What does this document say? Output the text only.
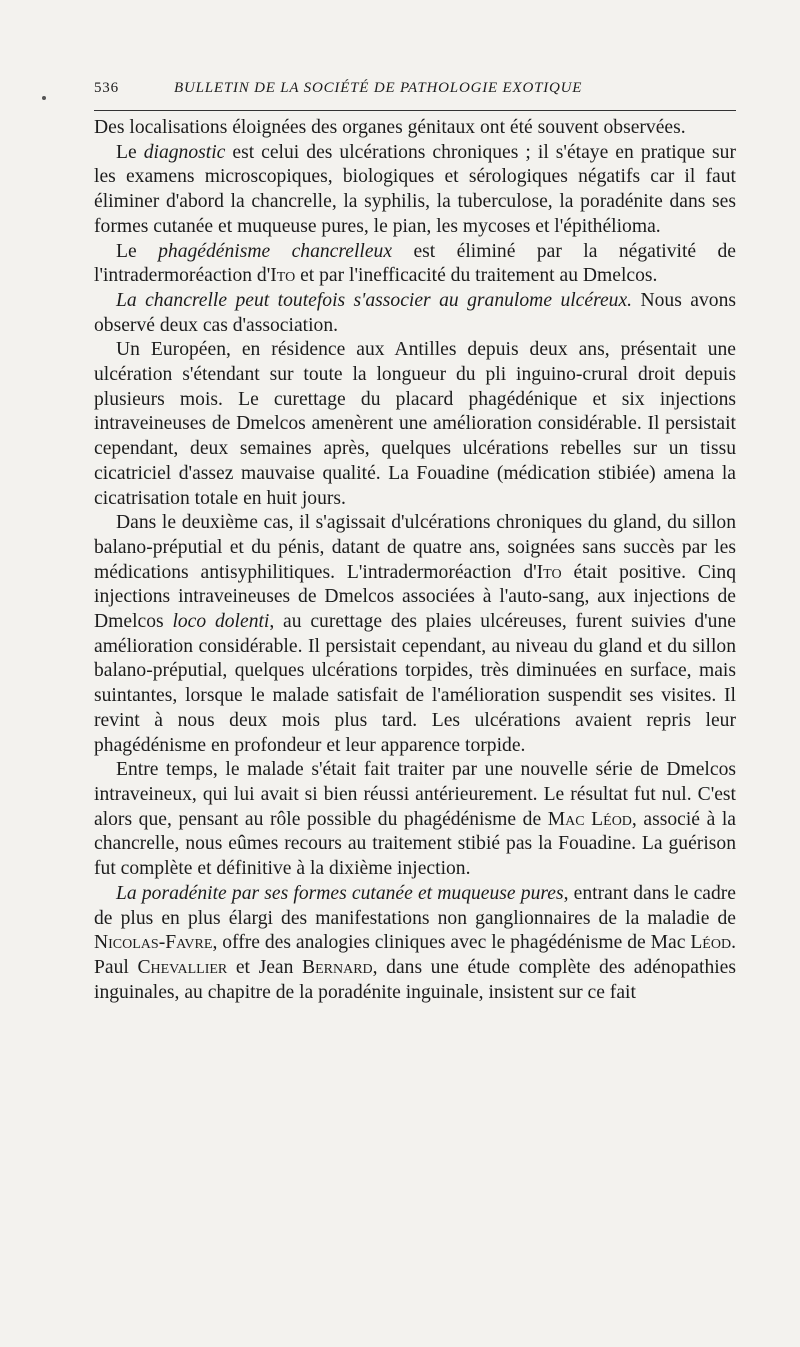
536	BULLETIN DE LA SOCIÉTÉ DE PATHOLOGIE EXOTIQUE

Des localisations éloignées des organes génitaux ont été souvent observées.

Le diagnostic est celui des ulcérations chroniques ; il s'étaye en pratique sur les examens microscopiques, biologiques et sérologiques négatifs car il faut éliminer d'abord la chancrelle, la syphilis, la tuberculose, la poradénite dans ses formes cutanée et muqueuse pures, le pian, les mycoses et l'épithélioma.

Le phagédénisme chancrelleux est éliminé par la négativité de l'intradermoréaction d'Ito et par l'inefficacité du traitement au Dmelcos.

La chancrelle peut toutefois s'associer au granulome ulcéreux. Nous avons observé deux cas d'association.

Un Européen, en résidence aux Antilles depuis deux ans, présentait une ulcération s'étendant sur toute la longueur du pli inguino-crural droit depuis plusieurs mois. Le curettage du placard phagédénique et six injections intraveineuses de Dmelcos amenèrent une amélioration considérable. Il persistait cependant, deux semaines après, quelques ulcérations rebelles sur un tissu cicatriciel d'assez mauvaise qualité. La Fouadine (médication stibiée) amena la cicatrisation totale en huit jours.

Dans le deuxième cas, il s'agissait d'ulcérations chroniques du gland, du sillon balano-préputial et du pénis, datant de quatre ans, soignées sans succès par les médications antisyphilitiques. L'intradermoréaction d'Ito était positive. Cinq injections intraveineuses de Dmelcos associées à l'auto-sang, aux injections de Dmelcos loco dolenti, au curettage des plaies ulcéreuses, furent suivies d'une amélioration considérable. Il persistait cependant, au niveau du gland et du sillon balano-préputial, quelques ulcérations torpides, très diminuées en surface, mais suintantes, lorsque le malade satisfait de l'amélioration suspendit ses visites. Il revint à nous deux mois plus tard. Les ulcérations avaient repris leur phagédénisme en profondeur et leur apparence torpide.

Entre temps, le malade s'était fait traiter par une nouvelle série de Dmelcos intraveineux, qui lui avait si bien réussi antérieurement. Le résultat fut nul. C'est alors que, pensant au rôle possible du phagédénisme de Mac Léod, associé à la chancrelle, nous eûmes recours au traitement stibié pas la Fouadine. La guérison fut complète et définitive à la dixième injection.

La poradénite par ses formes cutanée et muqueuse pures, entrant dans le cadre de plus en plus élargi des manifestations non ganglionnaires de la maladie de Nicolas-Favre, offre des analogies cliniques avec le phagédénisme de Mac Léod. Paul Chevallier et Jean Bernard, dans une étude complète des adénopathies inguinales, au chapitre de la poradénite inguinale, insistent sur ce fait
